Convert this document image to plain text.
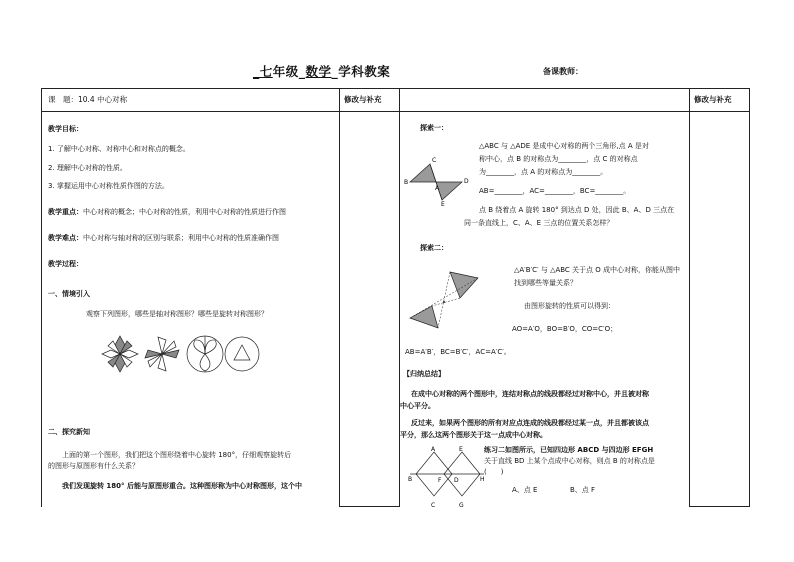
_七年级_数学_学科教案	备课教师：
课　题：10.4 中心对称	修改与补充	修改与补充
教学目标：
1. 了解中心对称、对称中心和对称点的概念。
2. 理解中心对称的性质。
3. 掌握运用中心对称性质作图的方法。
教学重点：中心对称的概念；中心对称的性质，利用中心对称的性质进行作图
教学难点：中心对称与轴对称的区别与联系；利用中心对称的性质准确作图
教学过程：
一、情境引入
观察下列图形，哪些是轴对称图形？哪些是旋转对称图形？
二、探究新知
上面的第一个图形，我们把这个图形绕着中心旋转 180°，仔细观察旋转后
的图形与原图形有什么关系？
我们发现旋转 180° 后能与原图形重合。这种图形称为中心对称图形，这个中
探索一：
C
B
A
D
E
△ABC 与 △ADE 是成中心对称的两个三角形,点 A 是对
称中心，点 B 的对称点为________，点 C 的对称点
为________，点 A 的对称点为________。
AB=________，AC=________，BC=________。
点 B 绕着点 A 旋转 180° 到达点 D 处，因此 B、A、D 三点在
同一条直线上，C、A、E 三点的位置关系怎样？
探索二：
△A′B′C′ 与 △ABC 关于点 O 成中心对称，你能从图中
找到哪些等量关系？
由图形旋转的性质可以得到：
AO=A′O，BO=B′O，CO=C′O；
AB=A′B′，BC=B′C′，AC=A′C′。
【归纳总结】
在成中心对称的两个图形中，连结对称点的线段都经过对称中心，并且被对称
中心平分。
反过来，如果两个图形的所有对应点连成的线段都经过某一点，并且都被该点
平分，那么这两个图形关于这一点成中心对称。
A	E
B	F D	H
C	G
练习二如图所示，已知四边形 ABCD 与四边形 EFGH
关于直线 BD 上某个点成中心对称，则点 B 的对称点是
(　　)
A、点 E	B、点 F
